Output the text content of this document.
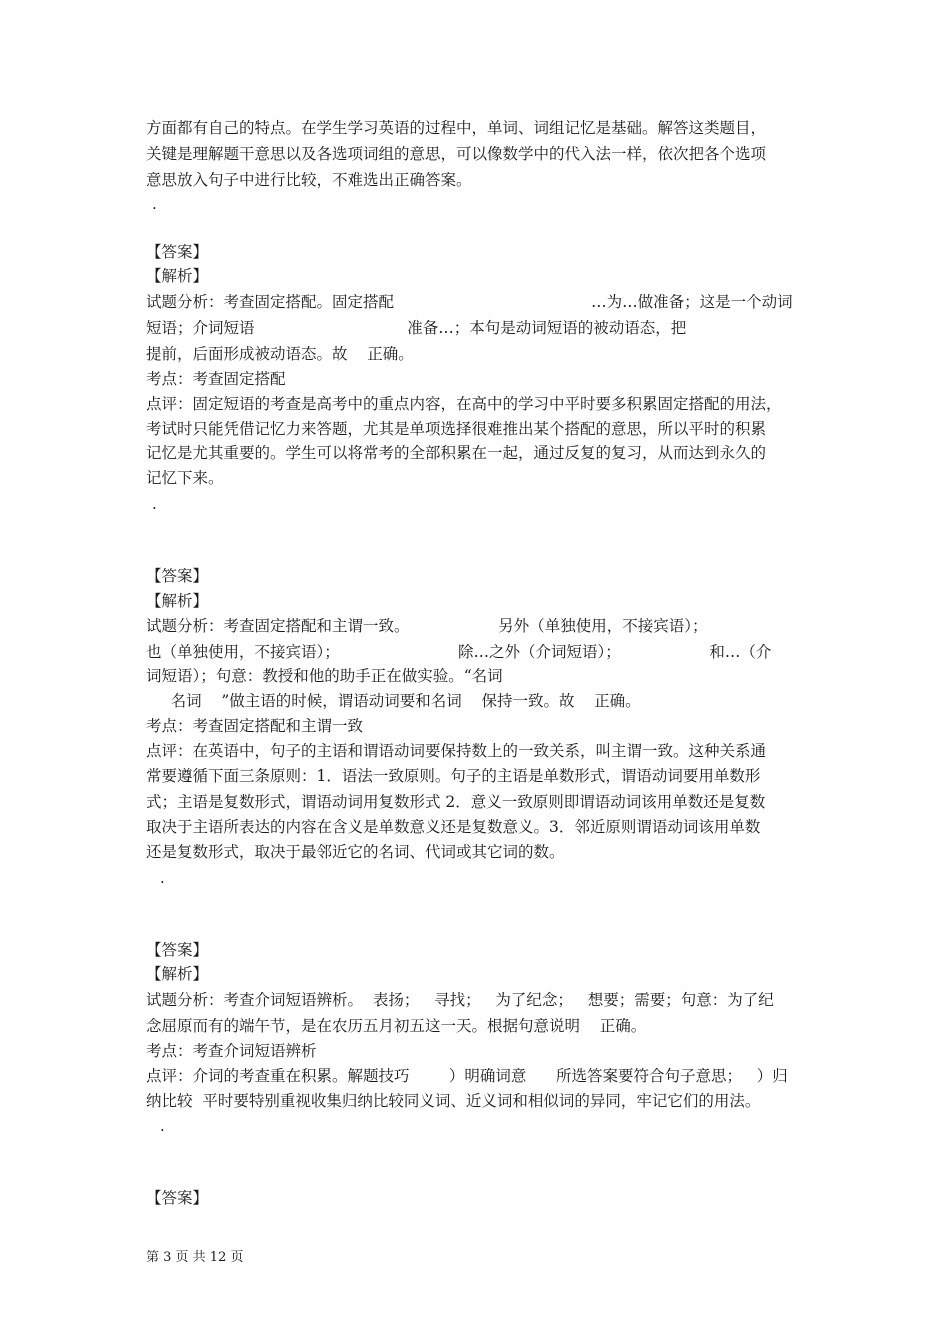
方面都有自己的特点。在学生学习英语的过程中，单词、词组记忆是基础。解答这类题目，
关键是理解题干意思以及各选项词组的意思，可以像数学中的代入法一样，依次把各个选项
意思放入句子中进行比较，不难选出正确答案。
.
【答案】
【解析】
试题分析：考查固定搭配。固定搭配                                        …为…做准备；这是一个动词
短语；介词短语                               准备…；本句是动词短语的被动语态，把
提前，后面形成被动语态。故    正确。
考点：考查固定搭配
点评：固定短语的考查是高考中的重点内容，在高中的学习中平时要多积累固定搭配的用法，
考试时只能凭借记忆力来答题，尤其是单项选择很难推出某个搭配的意思，所以平时的积累
记忆是尤其重要的。学生可以将常考的全部积累在一起，通过反复的复习，从而达到永久的
记忆下来。
.
【答案】
【解析】
试题分析：考查固定搭配和主谓一致。                  另外（单独使用，不接宾语）；
也（单独使用，不接宾语）；                        除…之外（介词短语）；                  和…（介
词短语）；句意：教授和他的助手正在做实验。“名词
名词    ”做主语的时候，谓语动词要和名词    保持一致。故    正确。
考点：考查固定搭配和主谓一致
点评：在英语中，句子的主语和谓语动词要保持数上的一致关系，叫主谓一致。这种关系通
常要遵循下面三条原则：1．语法一致原则。句子的主语是单数形式，谓语动词要用单数形
式；主语是复数形式，谓语动词用复数形式 2．意义一致原则即谓语动词该用单数还是复数
取决于主语所表达的内容在含义是单数意义还是复数意义。3．邻近原则谓语动词该用单数
还是复数形式，取决于最邻近它的名词、代词或其它词的数。
.
【答案】
【解析】
试题分析：考查介词短语辨析。  表扬；   寻找；   为了纪念；   想要；需要；句意：为了纪
念屈原而有的端午节，是在农历五月初五这一天。根据句意说明    正确。
考点：考查介词短语辨析
点评：介词的考查重在积累。解题技巧        ）明确词意      所选答案要符合句子意思；   ）归
纳比较  平时要特别重视收集归纳比较同义词、近义词和相似词的异同，牢记它们的用法。
.
【答案】
第 3 页 共 12 页
